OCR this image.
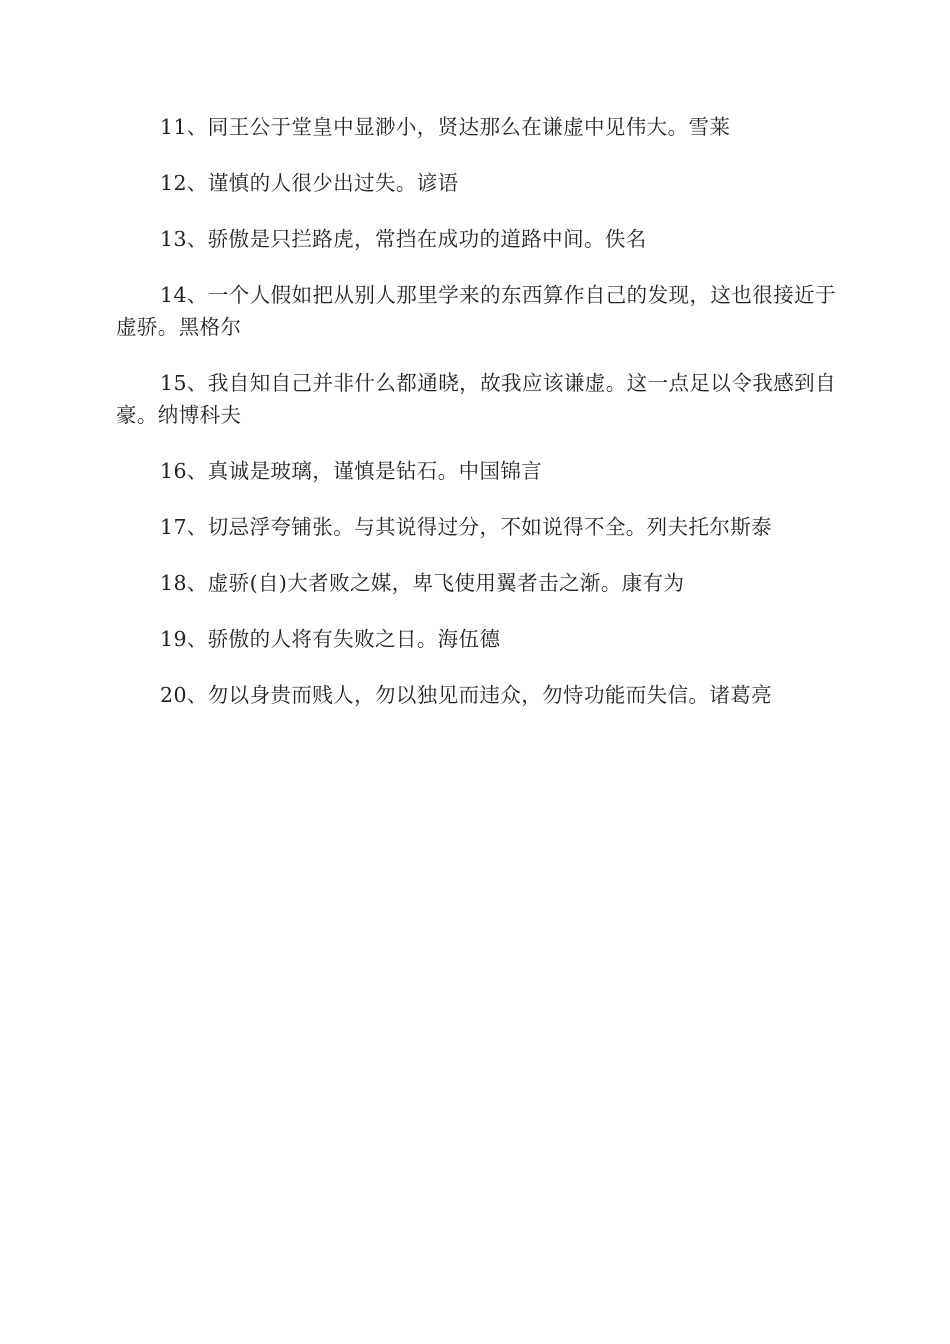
11、同王公于堂皇中显渺小，贤达那么在谦虚中见伟大。雪莱

12、谨慎的人很少出过失。谚语

13、骄傲是只拦路虎，常挡在成功的道路中间。佚名

14、一个人假如把从别人那里学来的东西算作自己的发现，这也很接近于虚骄。黑格尔

15、我自知自己并非什么都通晓，故我应该谦虚。这一点足以令我感到自豪。纳博科夫

16、真诚是玻璃，谨慎是钻石。中国锦言

17、切忌浮夸铺张。与其说得过分，不如说得不全。列夫托尔斯泰

18、虚骄(自)大者败之媒，卑飞使用翼者击之渐。康有为

19、骄傲的人将有失败之日。海伍德

20、勿以身贵而贱人，勿以独见而违众，勿恃功能而失信。诸葛亮
